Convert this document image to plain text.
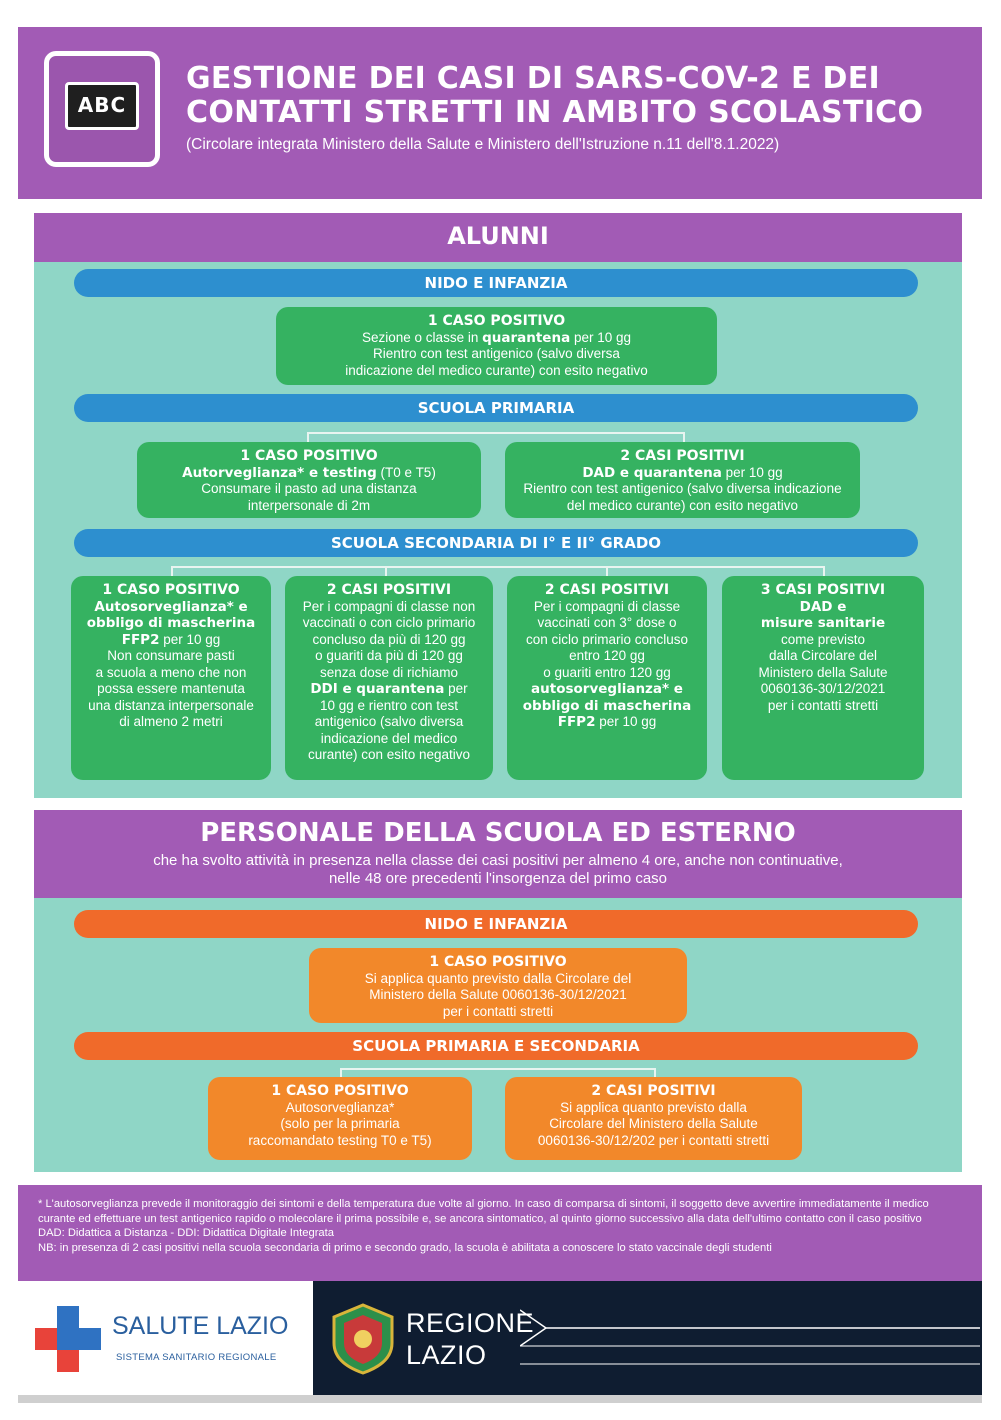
ABC
GESTIONE DEI CASI DI SARS-COV-2 E DEI CONTATTI STRETTI IN AMBITO SCOLASTICO
(Circolare integrata Ministero della Salute e Ministero dell'Istruzione n.11 dell'8.1.2022)
ALUNNI
NIDO E INFANZIA
1 CASO POSITIVO
Sezione o classe in quarantena per 10 gg
Rientro con test antigenico (salvo diversa
indicazione del medico curante) con esito negativo
SCUOLA PRIMARIA
1 CASO POSITIVO
Autorveglianza* e testing (T0 e T5)
Consumare il pasto ad una distanza
interpersonale di 2m
2 CASI POSITIVI
DAD e quarantena per 10 gg
Rientro con test antigenico (salvo diversa indicazione
del medico curante) con esito negativo
SCUOLA SECONDARIA DI I° E II° GRADO
1 CASO POSITIVO
Autosorveglianza* e
obbligo di mascherina
FFP2 per 10 gg
Non consumare pasti
a scuola a meno che non
possa essere mantenuta
una distanza interpersonale
di almeno 2 metri
2 CASI POSITIVI
Per i compagni di classe non
vaccinati o con ciclo primario
concluso da più di 120 gg
o guariti da più di 120 gg
senza dose di richiamo
DDI e quarantena per
10 gg e rientro con test
antigenico (salvo diversa
indicazione del medico
curante) con esito negativo
2 CASI POSITIVI
Per i compagni di classe
vaccinati con 3° dose o
con ciclo primario concluso
entro 120 gg
o guariti entro 120 gg
autosorveglianza* e
obbligo di mascherina
FFP2 per 10 gg
3 CASI POSITIVI
DAD e
misure sanitarie
come previsto
dalla Circolare del
Ministero della Salute
0060136-30/12/2021
per i contatti stretti
PERSONALE DELLA SCUOLA ED ESTERNO
che ha svolto attività in presenza nella classe dei casi positivi per almeno 4 ore, anche non continuative,
nelle 48 ore precedenti l'insorgenza del primo caso
NIDO E INFANZIA
1 CASO POSITIVO
Si applica quanto previsto dalla Circolare del
Ministero della Salute 0060136-30/12/2021
per i contatti stretti
SCUOLA PRIMARIA E SECONDARIA
1 CASO POSITIVO
Autosorveglianza*
(solo per la primaria
raccomandato testing T0 e T5)
2 CASI POSITIVI
Si applica quanto previsto dalla
Circolare del Ministero della Salute
0060136-30/12/202 per i contatti stretti
* L'autosorveglianza prevede il monitoraggio dei sintomi e della temperatura due volte al giorno. In caso di comparsa di sintomi, il soggetto deve avvertire immediatamente il medico curante ed effettuare un test antigenico rapido o molecolare il prima possibile e, se ancora sintomatico, al quinto giorno successivo alla data dell'ultimo contatto con il caso positivo
DAD: Didattica a Distanza - DDI: Didattica Digitale Integrata
NB: in presenza di 2 casi positivi nella scuola secondaria di primo e secondo grado, la scuola è abilitata a conoscere lo stato vaccinale degli studenti
SALUTE LAZIO
SISTEMA SANITARIO REGIONALE
REGIONE
LAZIO
